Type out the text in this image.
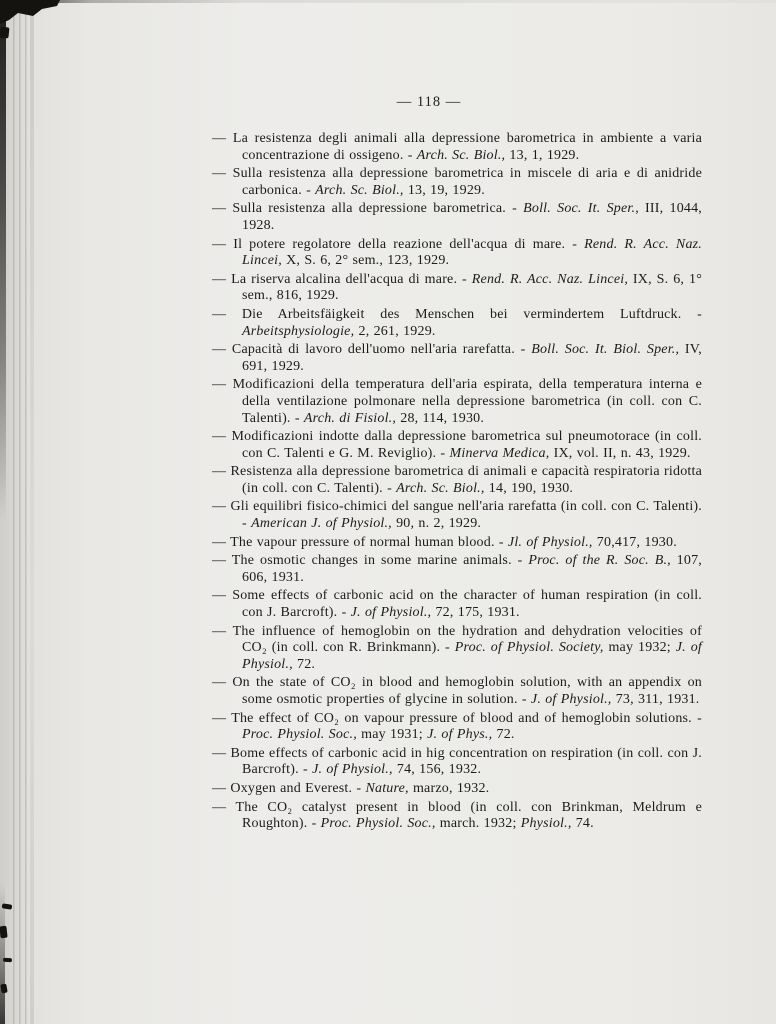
— 118 —

— La resistenza degli animali alla depressione barometrica in ambiente a varia concentrazione di ossigeno. - Arch. Sc. Biol., 13, 1, 1929.

— Sulla resistenza alla depressione barometrica in miscele di aria e di anidride carbonica. - Arch. Sc. Biol., 13, 19, 1929.

— Sulla resistenza alla depressione barometrica. - Boll. Soc. It. Sper., III, 1044, 1928.

— Il potere regolatore della reazione dell'acqua di mare. - Rend. R. Acc. Naz. Lincei, X, S. 6, 2° sem., 123, 1929.

— La riserva alcalina dell'acqua di mare. - Rend. R. Acc. Naz. Lincei, IX, S. 6, 1° sem., 816, 1929.

— Die Arbeitsfäigkeit des Menschen bei vermindertem Luftdruck. - Arbeitsphysiologie, 2, 261, 1929.

— Capacità di lavoro dell'uomo nell'aria rarefatta. - Boll. Soc. It. Biol. Sper., IV, 691, 1929.

— Modificazioni della temperatura dell'aria espirata, della temperatura interna e della ventilazione polmonare nella depressione barometrica (in coll. con C. Talenti). - Arch. di Fisiol., 28, 114, 1930.

— Modificazioni indotte dalla depressione barometrica sul pneumotorace (in coll. con C. Talenti e G. M. Reviglio). - Minerva Medica, IX, vol. II, n. 43, 1929.

— Resistenza alla depressione barometrica di animali e capacità respiratoria ridotta (in coll. con C. Talenti). - Arch. Sc. Biol., 14, 190, 1930.

— Gli equilibri fisico-chimici del sangue nell'aria rarefatta (in coll. con C. Talenti). - American J. of Physiol., 90, n. 2, 1929.

— The vapour pressure of normal human blood. - Jl. of Physiol., 70,417, 1930.

— The osmotic changes in some marine animals. - Proc. of the R. Soc. B., 107, 606, 1931.

— Some effects of carbonic acid on the character of human respiration (in coll. con J. Barcroft). - J. of Physiol., 72, 175, 1931.

— The influence of hemoglobin on the hydration and dehydration velocities of CO₂ (in coll. con R. Brinkmann). - Proc. of Physiol. Society, may 1932; J. of Physiol., 72.

— On the state of CO₂ in blood and hemoglobin solution, with an appendix on some osmotic properties of glycine in solution. - J. of Physiol., 73, 311, 1931.

— The effect of CO₂ on vapour pressure of blood and of hemoglobin solutions. - Proc. Physiol. Soc., may 1931; J. of Phys., 72.

— Bome effects of carbonic acid in hig concentration on respiration (in coll. con J. Barcroft). - J. of Physiol., 74, 156, 1932.

— Oxygen and Everest. - Nature, marzo, 1932.

— The CO₂ catalyst present in blood (in coll. con Brinkman, Meldrum e Roughton). - Proc. Physiol. Soc., march. 1932; Physiol., 74.
